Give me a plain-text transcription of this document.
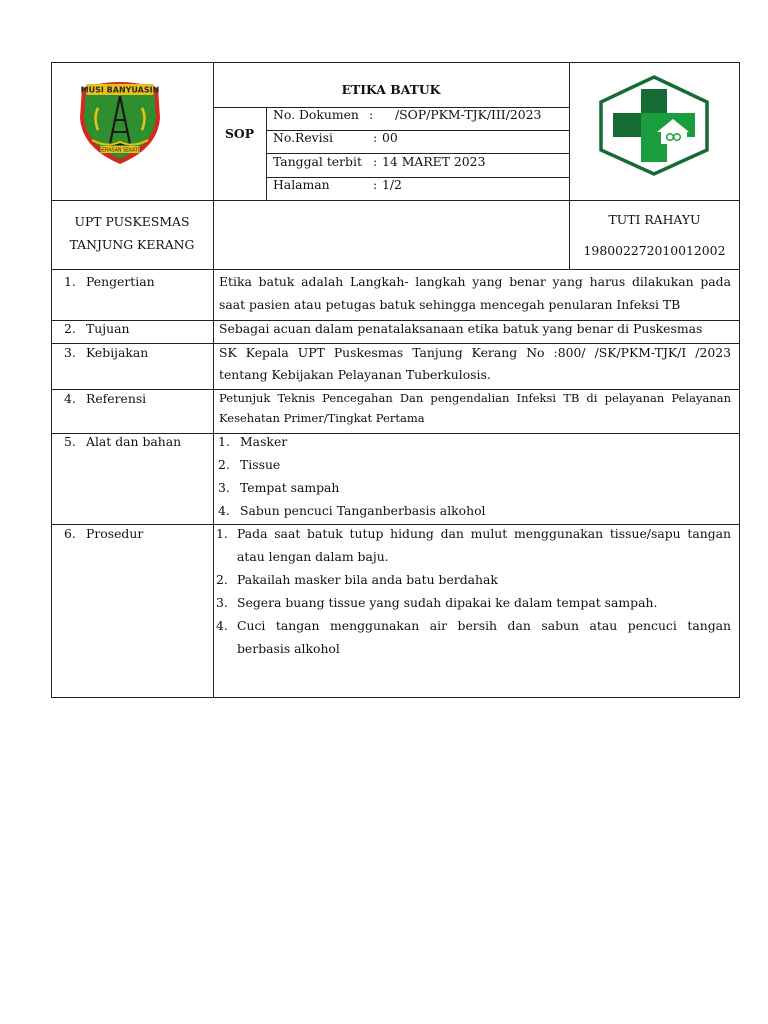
MUSI BANYUASIN
SERASAN SEKATE
ETIKA BATUK
SOP
No. Dokumen : /SOP/PKM-TJK/III/2023
No.Revisi	: 00
Tanggal terbit : 14 MARET 2023
Halaman	: 1/2
UPT PUSKESMAS
TANJUNG KERANG
TUTI RAHAYU
198002272010012002
1. Pengertian	Etika batuk adalah Langkah- langkah yang benar yang harus dilakukan pada
saat pasien atau petugas batuk sehingga mencegah penularan Infeksi TB
2. Tujuan	Sebagai acuan dalam penatalaksanaan etika batuk yang benar di Puskesmas
3. Kebijakan	SK Kepala UPT Puskesmas Tanjung Kerang No :800/ /SK/PKM-TJK/I /2023
tentang Kebijakan Pelayanan Tuberkulosis.
4. Referensi	Petunjuk Teknis Pencegahan Dan pengendalian Infeksi TB di pelayanan Pelayanan
Kesehatan Primer/Tingkat Pertama
5. Alat dan bahan	1. Masker
2. Tissue
3. Tempat sampah
4. Sabun pencuci Tanganberbasis alkohol
6. Prosedur	1. Pada saat batuk tutup hidung dan mulut menggunakan tissue/sapu tangan
atau lengan dalam baju.
2. Pakailah masker bila anda batu berdahak
3. Segera buang tissue yang sudah dipakai ke dalam tempat sampah.
4. Cuci tangan menggunakan air bersih dan sabun atau pencuci tangan
berbasis alkohol
